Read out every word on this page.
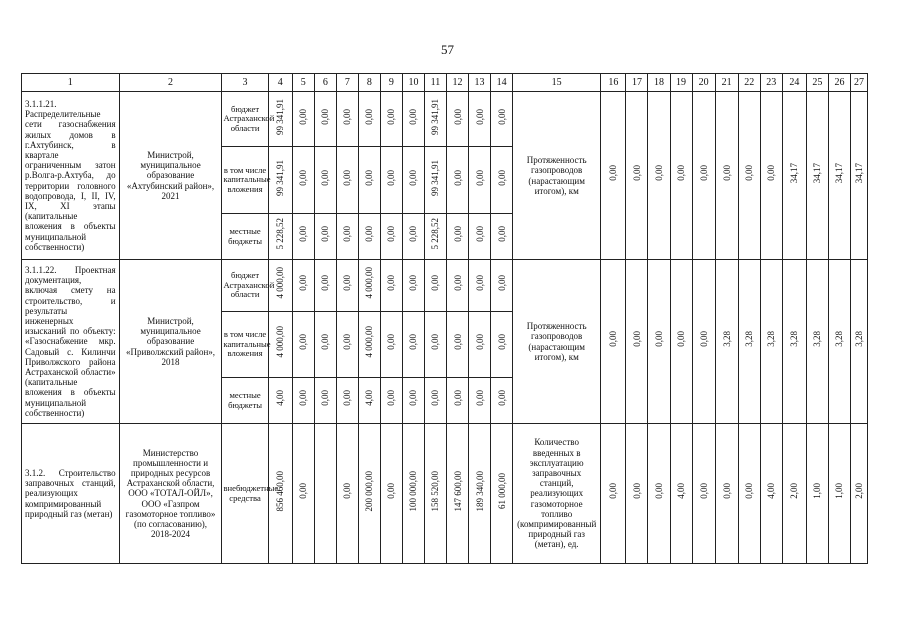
57
1	2	3	4	5	6	7	8	9	10	11	12	13	14	15	16	17	18	19	20	21	22	23	24	25	26	27
3.1.1.21. Распределительные сети газоснабжения жилых домов в г.Ахтубинск, в квартале ограниченным затон р.Волга-р.Ахтуба, до территории головного водопровода, I, II, IV, IX, XI этапы (капитальные вложения в объекты муниципальной собственности)	Министрой, муниципальное образование «Ахтубинский район», 2021	бюджет Астраханской области	99 341,91	0,00	0,00	0,00	0,00	0,00	0,00	99 341,91	0,00	0,00	0,00	Протяженность газопроводов (нарастающим итогом), км	0,00	0,00	0,00	0,00	0,00	0,00	0,00	0,00	34,17	34,17	34,17	34,17
		в том числе капитальные вложения	99 341,91	0,00	0,00	0,00	0,00	0,00	0,00	99 341,91	0,00	0,00	0,00													
		местные бюджеты	5 228,52	0,00	0,00	0,00	0,00	0,00	0,00	5 228,52	0,00	0,00	0,00													
3.1.1.22. Проектная документация, включая смету на строительство, и результаты инженерных изысканий по объекту: «Газоснабжение мкр. Садовый с. Килинчи Приволжского района Астраханской области» (капитальные вложения в объекты муниципальной собственности)	Министрой, муниципальное образование «Приволжский район», 2018	бюджет Астраханской области	4 000,00	0,00	0,00	0,00	4 000,00	0,00	0,00	0,00	0,00	0,00	0,00	Протяженность газопроводов (нарастающим итогом), км	0,00	0,00	0,00	0,00	0,00	3,28	3,28	3,28	3,28	3,28	3,28	3,28
		в том числе капитальные вложения	4 000,00	0,00	0,00	0,00	4 000,00	0,00	0,00	0,00	0,00	0,00	0,00													
		местные бюджеты	4,00	0,00	0,00	0,00	4,00	0,00	0,00	0,00	0,00	0,00	0,00													
3.1.2. Строительство заправочных станций, реализующих компримированный природный газ (метан)	Министерство промышленности и природных ресурсов Астраханской области, ООО «ТОТАЛ-ОЙЛ», ООО «Газпром газомоторное топливо» (по согласованию), 2018-2024	внебюджетные средства	856 460,00	0,00		0,00	200 000,00	0,00	100 000,00	158 520,00	147 600,00	189 340,00	61 000,00	Количество введенных в эксплуатацию заправочных станций, реализующих газомоторное топливо (компримированный природный газ (метан), ед.	0,00	0,00	0,00	4,00	0,00	0,00	0,00	4,00	2,00	1,00	1,00	2,00
